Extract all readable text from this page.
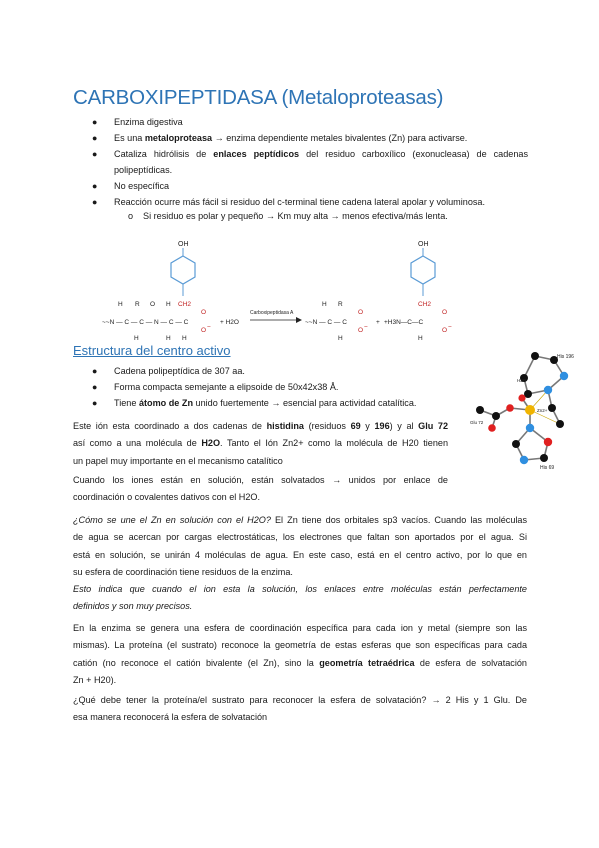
CARBOXIPEPTIDASA (Metaloproteasas)
● Enzima digestiva
● Es una metaloproteasa → enzima dependiente metales bivalentes (Zn) para activarse.
● Cataliza hidrólisis de enlaces peptídicos del residuo carboxílico (exonucleasa) de cadenas
polipeptídicas.
● No específica
● Reacción ocurre más fácil si residuo del c-terminal tiene cadena lateral apolar y voluminosa.
o Si residuo es polar y pequeño → Km muy alta → menos efectiva/más lenta.
OH
CH2
H R O H
~~N — C — C — N — C — C
H	H H
O
O −
+ H2O
Carboxipeptidasa A
H R
~~N — C — C
H
O
O −
+
OH
CH2
+H3N—C—C
H
O
O −
Estructura del centro activo
● Cadena polipeptídica de 307 aa.
● Forma compacta semejante a elipsoide de 50x42x38 Å.
● Tiene átomo de Zn unido fuertemente → esencial para actividad catalítica.
His 196
H2O
Zn2+
Glu 72
His 69

Este ión esta coordinado a dos cadenas de histidina (residuos 69 y 196) y al Glu 72
así como a una molécula de H2O. Tanto el Ión Zn2+ como la molécula de H20 tienen
un papel muy importante en el mecanismo catalítico

Cuando los iones están en solución, están solvatados → unidos por enlace de
coordinación o covalentes dativos con el H2O.

¿Cómo se une el Zn en solución con el H2O? El Zn tiene dos orbitales sp3 vacíos. Cuando las moléculas
de agua se acercan por cargas electrostáticas, los electrones que faltan son aportados por el agua. Si
está en solución, se unirán 4 moléculas de agua. En este caso, está en el centro activo, por lo que en
su esfera de coordinación tiene residuos de la enzima.

Esto indica que cuando el ion esta la solución, los enlaces entre moléculas están perfectamente
definidos y son muy precisos.

En la enzima se genera una esfera de coordinación específica para cada ion y metal (siempre son las
mismas). La proteína (el sustrato) reconoce la geometría de estas esferas que son específicas para cada
catión (no reconoce el catión bivalente (el Zn), sino la geometría tetraédrica de esfera de solvatación
Zn + H20).

¿Qué debe tener la proteína/el sustrato para reconocer la esfera de solvatación? → 2 His y 1 Glu. De
esa manera reconocerá la esfera de solvatación
